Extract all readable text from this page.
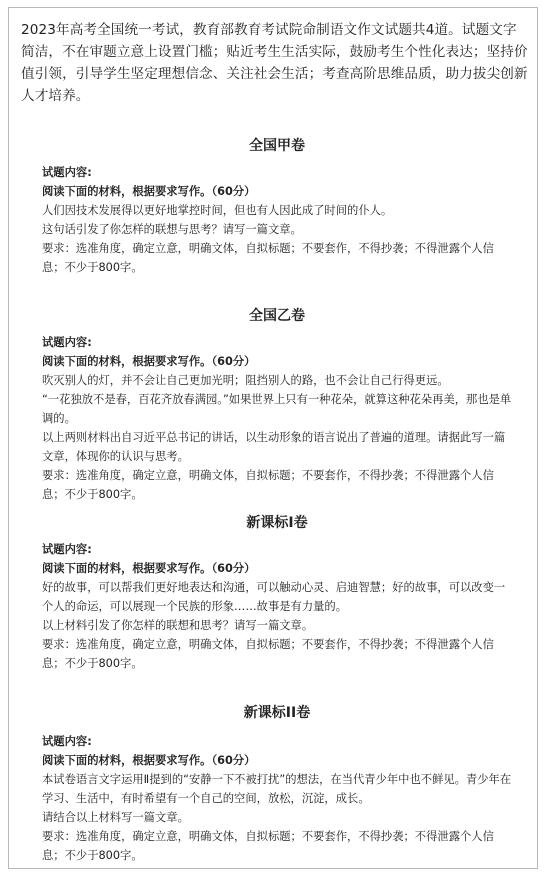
2023年高考全国统一考试，教育部教育考试院命制语文作文试题共4道。试题文字简洁，不在审题立意上设置门槛；贴近考生生活实际，鼓励考生个性化表达；坚持价值引领，引导学生坚定理想信念、关注社会生活；考查高阶思维品质，助力拔尖创新人才培养。

全国甲卷

试题内容:

阅读下面的材料，根据要求写作。（60分）

人们因技术发展得以更好地掌控时间，但也有人因此成了时间的仆人。

这句话引发了你怎样的联想与思考？请写一篇文章。

要求：选准角度，确定立意，明确文体，自拟标题；不要套作，不得抄袭；不得泄露个人信息；不少于800字。

全国乙卷

试题内容:

阅读下面的材料，根据要求写作。（60分）

吹灭别人的灯，并不会让自己更加光明；阻挡别人的路，也不会让自己行得更远。

“一花独放不是春，百花齐放春满园。”如果世界上只有一种花朵，就算这种花朵再美，那也是单调的。

以上两则材料出自习近平总书记的讲话，以生动形象的语言说出了普遍的道理。请据此写一篇文章，体现你的认识与思考。

要求：选准角度，确定立意，明确文体，自拟标题；不要套作，不得抄袭；不得泄露个人信息；不少于800字。

新课标I卷

试题内容:

阅读下面的材料，根据要求写作。（60分）

好的故事，可以帮我们更好地表达和沟通，可以触动心灵、启迪智慧；好的故事，可以改变一个人的命运，可以展现一个民族的形象……故事是有力量的。

以上材料引发了你怎样的联想和思考？请写一篇文章。

要求：选准角度，确定立意，明确文体，自拟标题；不要套作，不得抄袭；不得泄露个人信息；不少于800字。

新课标II卷

试题内容:

阅读下面的材料，根据要求写作。（60分）

本试卷语言文字运用Ⅱ提到的“安静一下不被打扰”的想法，在当代青少年中也不鲜见。青少年在学习、生活中，有时希望有一个自己的空间，放松，沉淀，成长。

请结合以上材料写一篇文章。

要求：选准角度，确定立意，明确文体，自拟标题；不要套作，不得抄袭；不得泄露个人信息；不少于800字。
